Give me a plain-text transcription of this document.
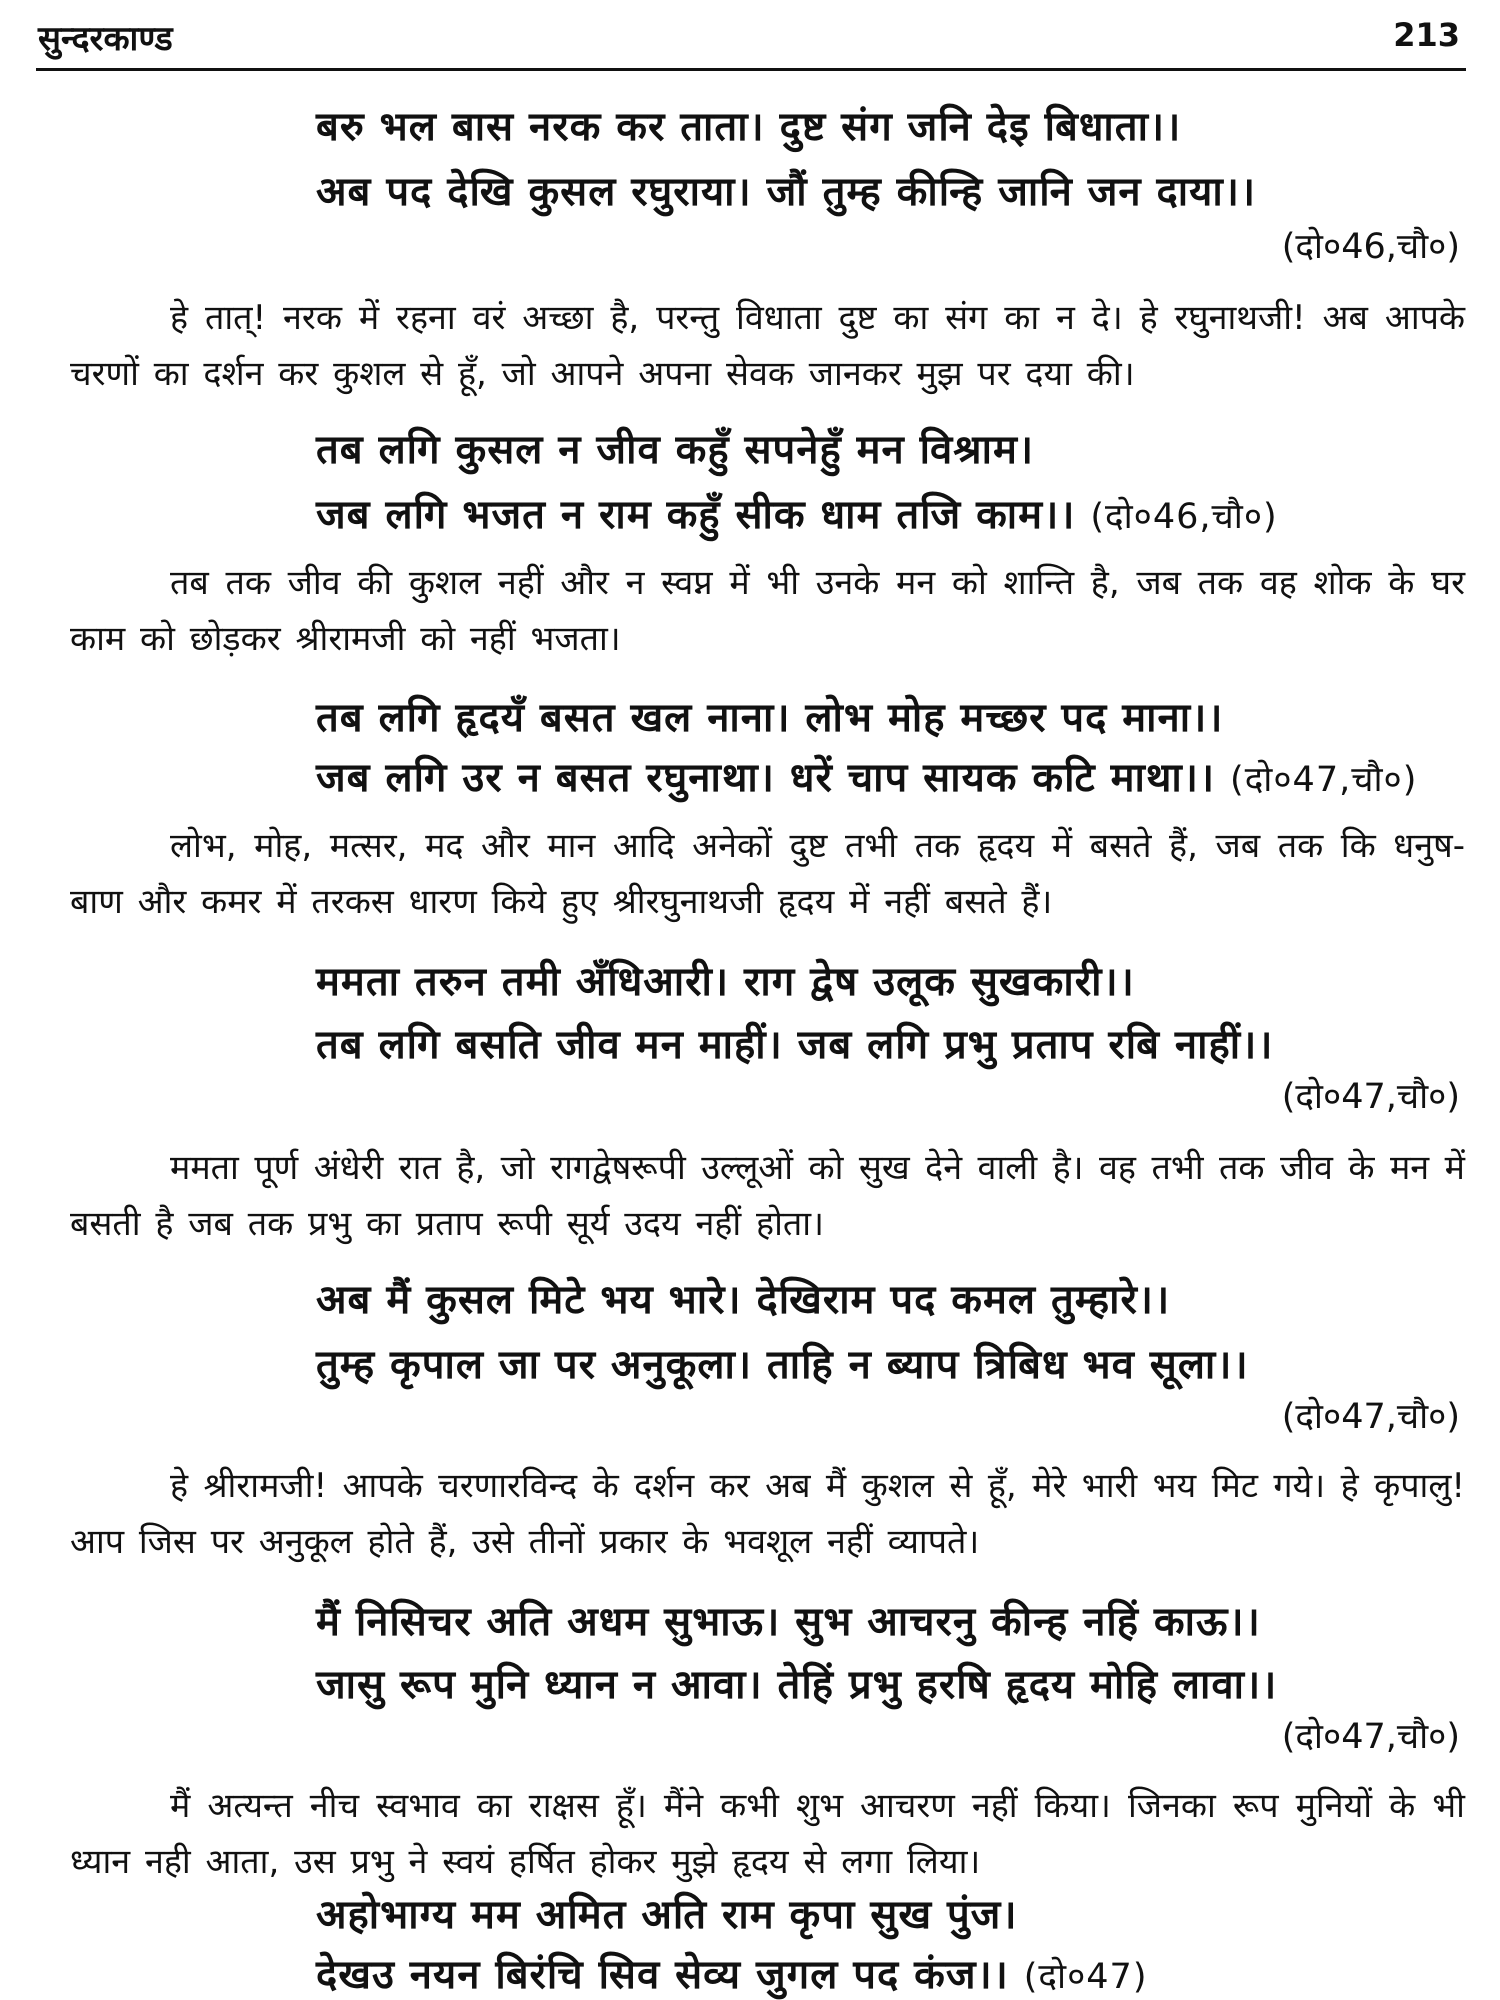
सुन्दरकाण्ड	213
बरु भल बास नरक कर ताता। दुष्ट संग जनि देइ बिधाता।।
अब पद देखि कुसल रघुराया। जौं तुम्ह कीन्हि जानि जन दाया।।
(दो०46,चौ०)
हे तात्! नरक में रहना वरं अच्छा है, परन्तु विधाता दुष्ट का संग का न दे। हे रघुनाथजी! अब आपके चरणों का दर्शन कर कुशल से हूँ, जो आपने अपना सेवक जानकर मुझ पर दया की।
तब लगि कुसल न जीव कहुँ सपनेहुँ मन विश्राम।
जब लगि भजत न राम कहुँ सीक धाम तजि काम।। (दो०46,चौ०)
तब तक जीव की कुशल नहीं और न स्वप्न में भी उनके मन को शान्ति है, जब तक वह शोक के घर काम को छोड़कर श्रीरामजी को नहीं भजता।
तब लगि हृदयँ बसत खल नाना। लोभ मोह मच्छर पद माना।।
जब लगि उर न बसत रघुनाथा। धरें चाप सायक कटि माथा।। (दो०47,चौ०)
लोभ, मोह, मत्सर, मद और मान आदि अनेकों दुष्ट तभी तक हृदय में बसते हैं, जब तक कि धनुष-बाण और कमर में तरकस धारण किये हुए श्रीरघुनाथजी हृदय में नहीं बसते हैं।
ममता तरुन तमी अँधिआरी। राग द्वेष उलूक सुखकारी।।
तब लगि बसति जीव मन माहीं। जब लगि प्रभु प्रताप रबि नाहीं।।
(दो०47,चौ०)
ममता पूर्ण अंधेरी रात है, जो रागद्वेषरूपी उल्लूओं को सुख देने वाली है। वह तभी तक जीव के मन में बसती है जब तक प्रभु का प्रताप रूपी सूर्य उदय नहीं होता।
अब मैं कुसल मिटे भय भारे। देखिराम पद कमल तुम्हारे।।
तुम्ह कृपाल जा पर अनुकूला। ताहि न ब्याप त्रिबिध भव सूला।।
(दो०47,चौ०)
हे श्रीरामजी! आपके चरणारविन्द के दर्शन कर अब मैं कुशल से हूँ, मेरे भारी भय मिट गये। हे कृपालु! आप जिस पर अनुकूल होते हैं, उसे तीनों प्रकार के भवशूल नहीं व्यापते।
मैं निसिचर अति अधम सुभाऊ। सुभ आचरनु कीन्ह नहिं काऊ।।
जासु रूप मुनि ध्यान न आवा। तेहिं प्रभु हरषि हृदय मोहि लावा।।
(दो०47,चौ०)
मैं अत्यन्त नीच स्वभाव का राक्षस हूँ। मैंने कभी शुभ आचरण नहीं किया। जिनका रूप मुनियों के भी ध्यान नही आता, उस प्रभु ने स्वयं हर्षित होकर मुझे हृदय से लगा लिया।
अहोभाग्य मम अमित अति राम कृपा सुख पुंज।
देखउ नयन बिरंचि सिव सेव्य जुगल पद कंज।। (दो०47)
